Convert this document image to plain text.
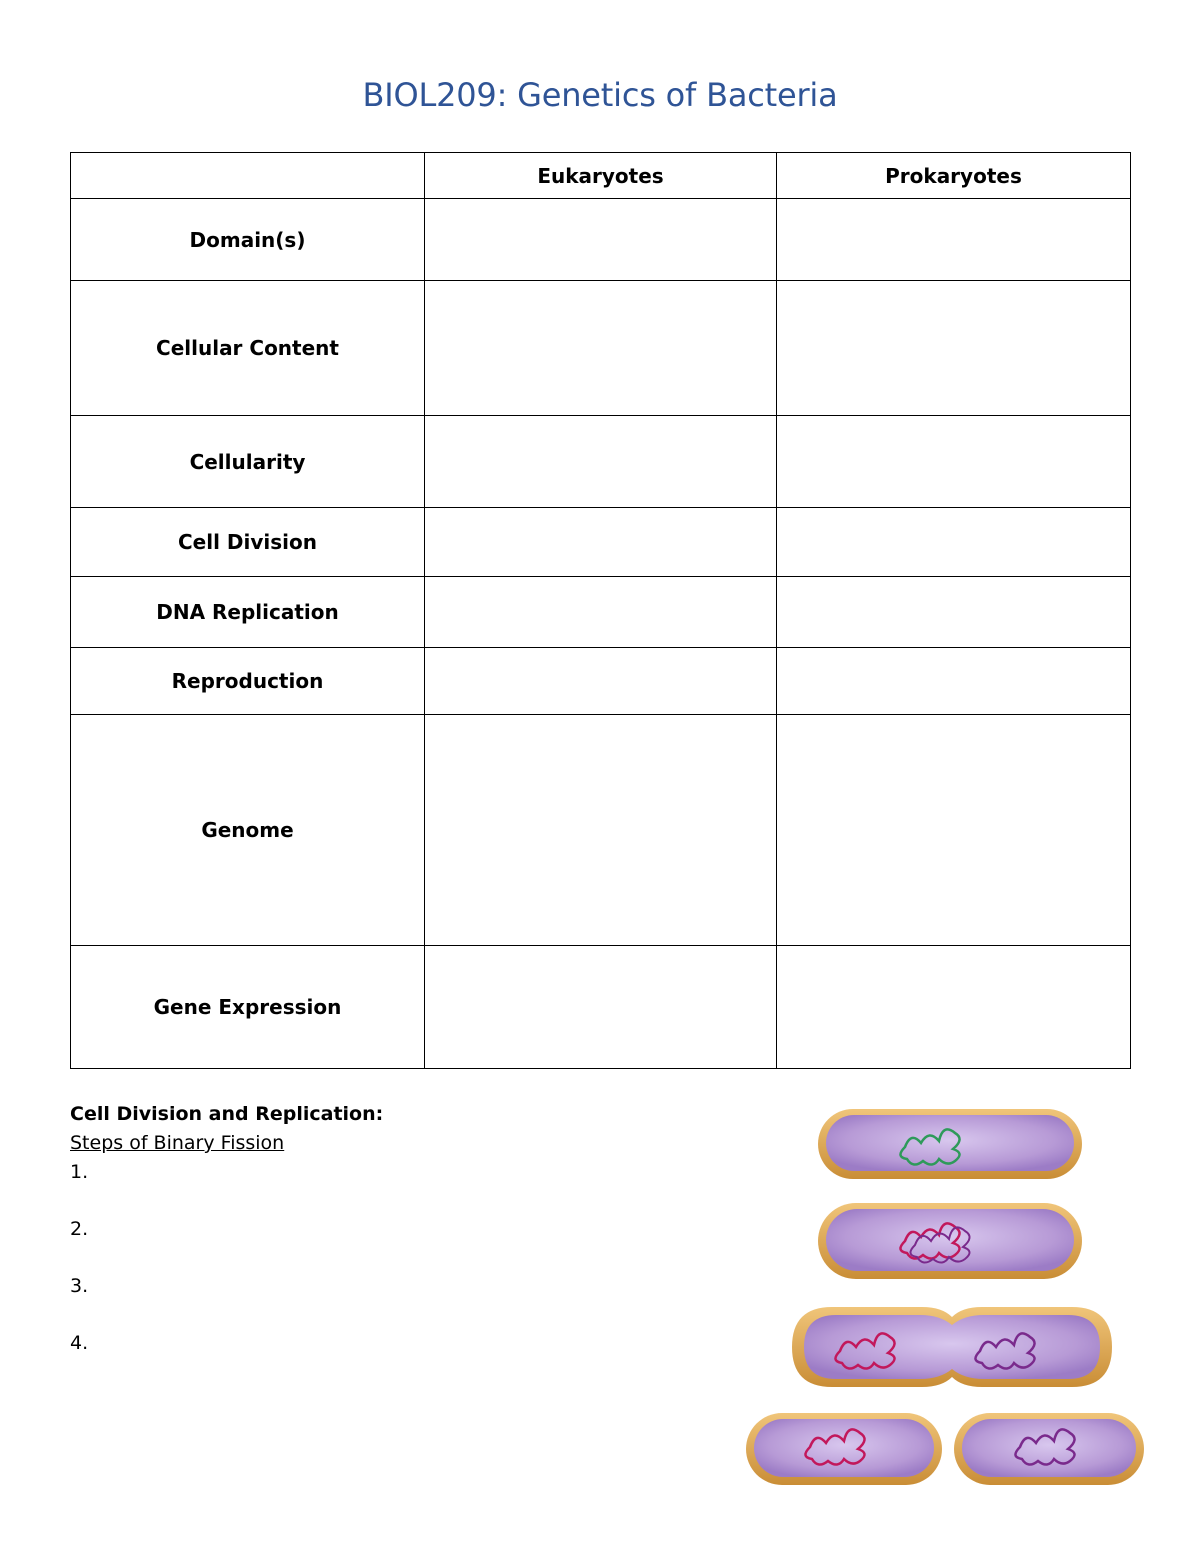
BIOL209: Genetics of Bacteria
	Eukaryotes	Prokaryotes
Domain(s)		
Cellular Content		
Cellularity		
Cell Division		
DNA Replication		
Reproduction		
Genome		
Gene Expression		
Cell Division and Replication:
Steps of Binary Fission
1.
2.
3.
4.
